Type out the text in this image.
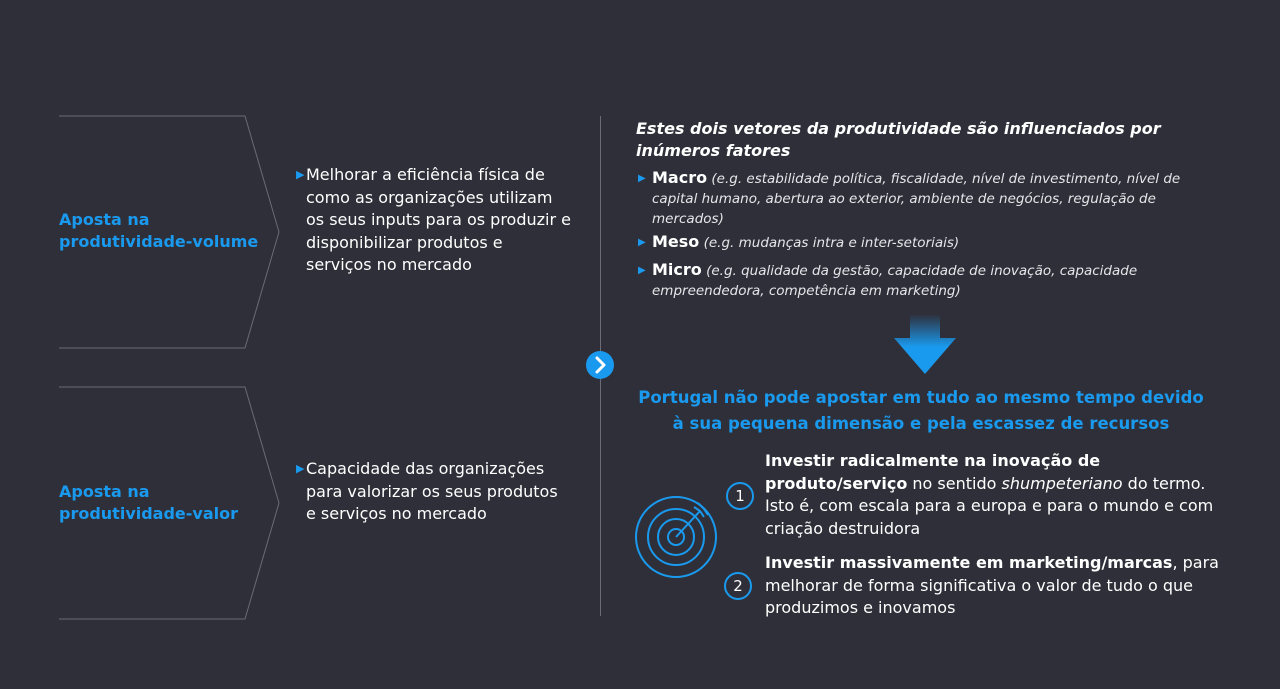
Aposta na produtividade-volume
▶ Melhorar a eficiência física de como as organizações utilizam os seus inputs para os produzir e disponibilizar produtos e serviços no mercado
Aposta na produtividade-valor
▶ Capacidade das organizações para valorizar os seus produtos e serviços no mercado
Estes dois vetores da produtividade são influenciados por inúmeros fatores
▶ Macro (e.g. estabilidade política, fiscalidade, nível de investimento, nível de capital humano, abertura ao exterior, ambiente de negócios, regulação de mercados)
▶ Meso (e.g. mudanças intra e inter-setoriais)
▶ Micro (e.g. qualidade da gestão, capacidade de inovação, capacidade empreendedora, competência em marketing)
Portugal não pode apostar em tudo ao mesmo tempo devido à sua pequena dimensão e pela escassez de recursos
1
Investir radicalmente na inovação de produto/serviço no sentido shumpeteriano do termo. Isto é, com escala para a europa e para o mundo e com criação destruidora
2
Investir massivamente em marketing/marcas, para melhorar de forma significativa o valor de tudo o que produzimos e inovamos
